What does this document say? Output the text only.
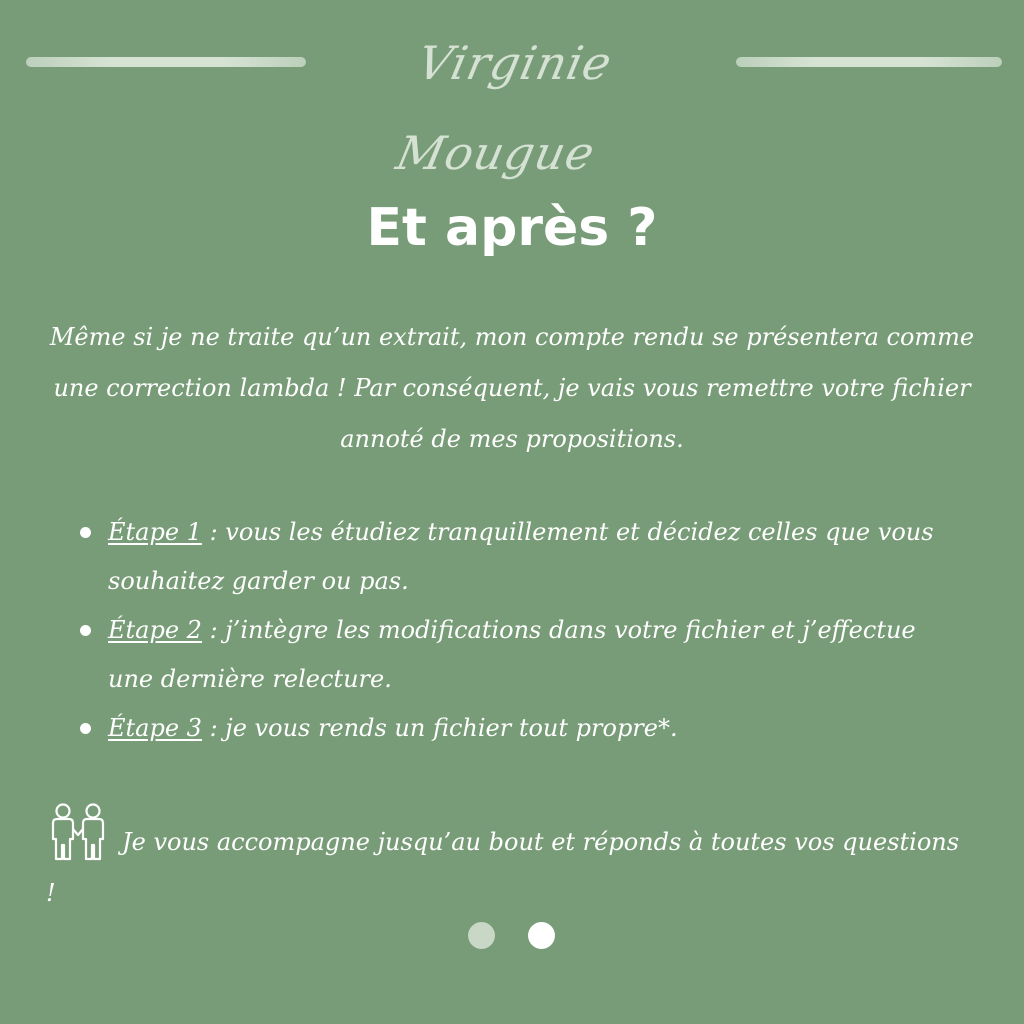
Virginie Mougue
Et après ?

Même si je ne traite qu’un extrait, mon compte rendu se présentera comme une correction lambda ! Par conséquent, je vais vous remettre votre fichier annoté de mes propositions.

Étape 1 : vous les étudiez tranquillement et décidez celles que vous souhaitez garder ou pas.
Étape 2 : j’intègre les modifications dans votre fichier et j’effectue une dernière relecture.
Étape 3 : je vous rends un fichier tout propre*.

Je vous accompagne jusqu’au bout et réponds à toutes vos questions !
